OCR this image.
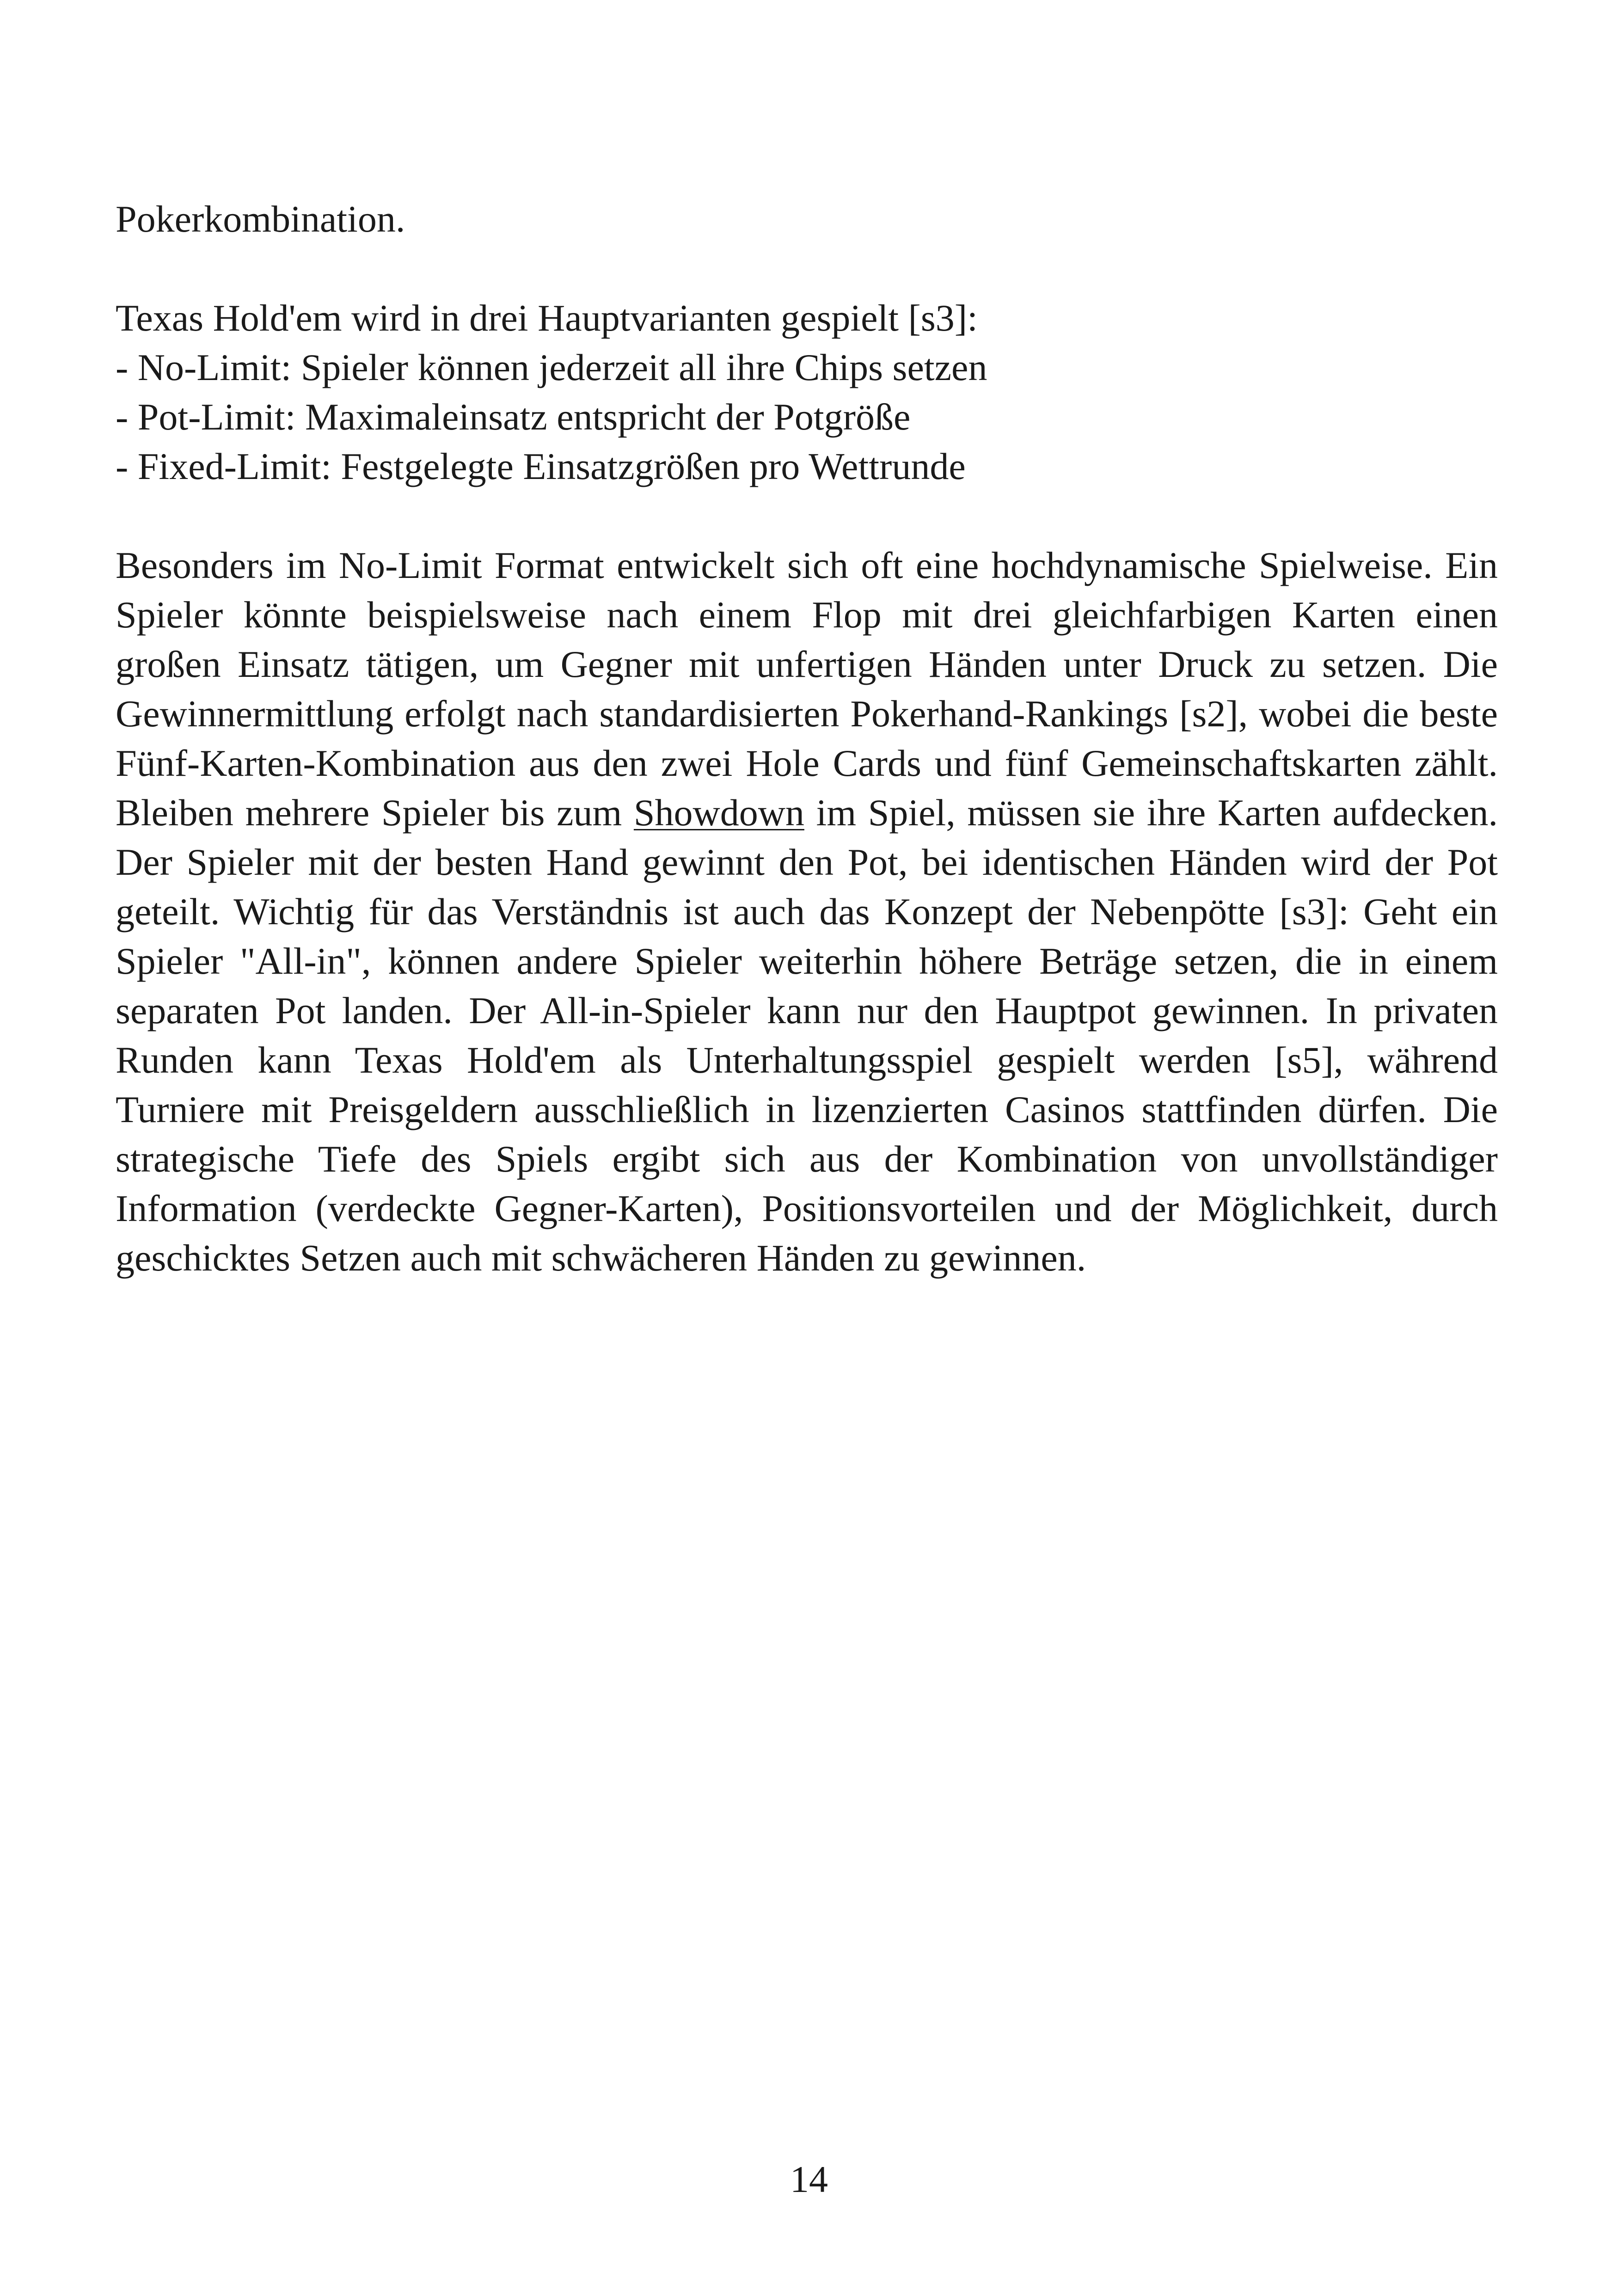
Pokerkombination.

Texas Hold'em wird in drei Hauptvarianten gespielt [s3]:

- No-Limit: Spieler können jederzeit all ihre Chips setzen

- Pot-Limit: Maximaleinsatz entspricht der Potgröße

- Fixed-Limit: Festgelegte Einsatzgrößen pro Wettrunde

Besonders im No-Limit Format entwickelt sich oft eine hochdynamische Spielweise. Ein Spieler könnte beispielsweise nach einem Flop mit drei gleichfarbigen Karten einen großen Einsatz tätigen, um Gegner mit unfertigen Händen unter Druck zu setzen. Die Gewinnermittlung erfolgt nach standardisierten Pokerhand-Rankings [s2], wobei die beste Fünf-Karten-Kombination aus den zwei Hole Cards und fünf Gemeinschaftskarten zählt. Bleiben mehrere Spieler bis zum Showdown im Spiel, müssen sie ihre Karten aufdecken. Der Spieler mit der besten Hand gewinnt den Pot, bei identischen Händen wird der Pot geteilt. Wichtig für das Verständnis ist auch das Konzept der Nebenpötte [s3]: Geht ein Spieler "All-in", können andere Spieler weiterhin höhere Beträge setzen, die in einem separaten Pot landen. Der All-in-Spieler kann nur den Hauptpot gewinnen. In privaten Runden kann Texas Hold'em als Unterhaltungsspiel gespielt werden [s5], während Turniere mit Preisgeldern ausschließlich in lizenzierten Casinos stattfinden dürfen. Die strategische Tiefe des Spiels ergibt sich aus der Kombination von unvollständiger Information (verdeckte Gegner-Karten), Positionsvorteilen und der Möglichkeit, durch geschicktes Setzen auch mit schwächeren Händen zu gewinnen.

14
